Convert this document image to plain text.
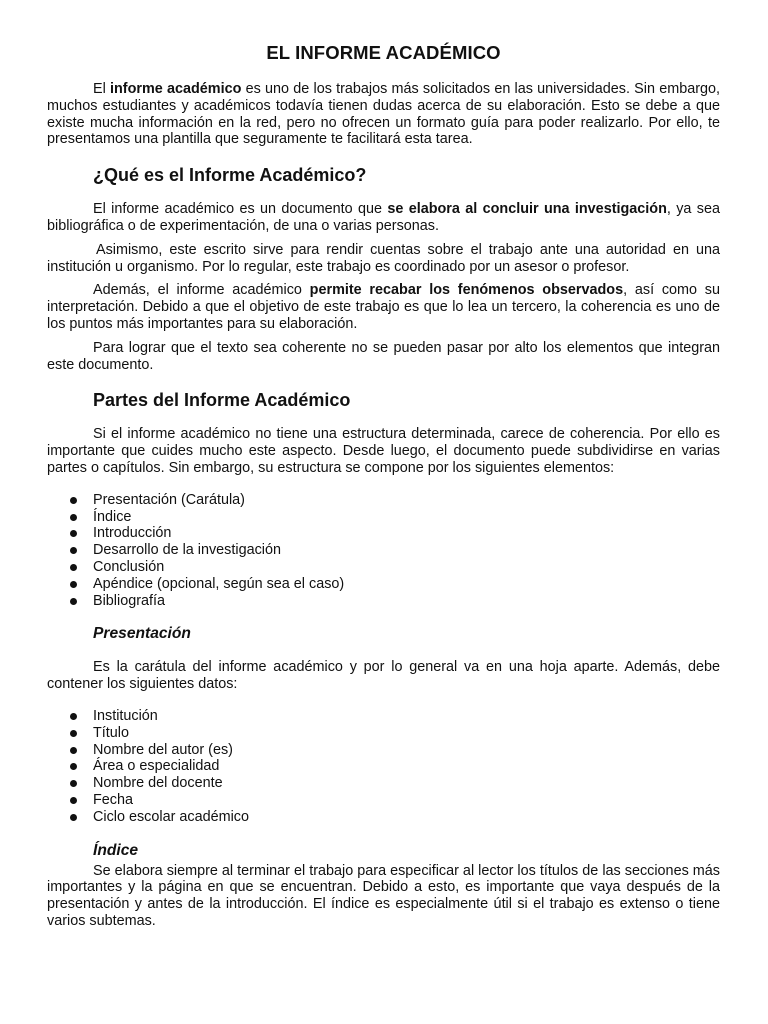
EL INFORME ACADÉMICO

El informe académico es uno de los trabajos más solicitados en las universidades. Sin embargo, muchos estudiantes y académicos todavía tienen dudas acerca de su elaboración. Esto se debe a que existe mucha información en la red, pero no ofrecen un formato guía para poder realizarlo. Por ello, te presentamos una plantilla que seguramente te facilitará esta tarea.

¿Qué es el Informe Académico?

El informe académico es un documento que se elabora al concluir una investigación, ya sea bibliográfica o de experimentación, de una o varias personas.

Asimismo, este escrito sirve para rendir cuentas sobre el trabajo ante una autoridad en una institución u organismo. Por lo regular, este trabajo es coordinado por un asesor o profesor.

Además, el informe académico permite recabar los fenómenos observados, así como su interpretación. Debido a que el objetivo de este trabajo es que lo lea un tercero, la coherencia es uno de los puntos más importantes para su elaboración.

Para lograr que el texto sea coherente no se pueden pasar por alto los elementos que integran este documento.

Partes del Informe Académico

Si el informe académico no tiene una estructura determinada, carece de coherencia. Por ello es importante que cuides mucho este aspecto. Desde luego, el documento puede subdividirse en varias partes o capítulos. Sin embargo, su estructura se compone por los siguientes elementos:

Presentación (Carátula)
Índice
Introducción
Desarrollo de la investigación
Conclusión
Apéndice (opcional, según sea el caso)
Bibliografía
Presentación

Es la carátula del informe académico y por lo general va en una hoja aparte. Además, debe contener los siguientes datos:

Institución
Título
Nombre del autor (es)
Área o especialidad
Nombre del docente
Fecha
Ciclo escolar académico
Índice

Se elabora siempre al terminar el trabajo para especificar al lector los títulos de las secciones más importantes y la página en que se encuentran. Debido a esto, es importante que vaya después de la presentación y antes de la introducción. El índice es especialmente útil si el trabajo es extenso o tiene varios subtemas.
